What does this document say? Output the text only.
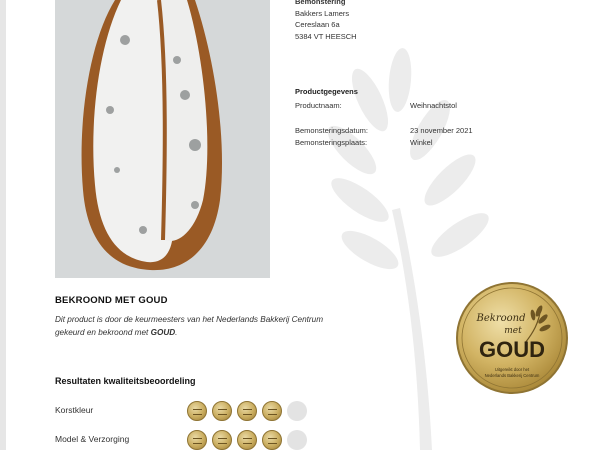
Bemonstering
Bakkers Lamers
Cereslaan 6a
5384 VT HEESCH
Productgegevens
Productnaam:	Weihnachtstol
Bemonsteringsdatum:	23 november 2021
Bemonsteringsplaats:	Winkel
BEKROOND MET GOUD
Dit product is door de keurmeesters van het Nederlands Bakkerij Centrum gekeurd en bekroond met GOUD.
Resultaten kwaliteitsbeoordeling
Korstkleur
Model & Verzorging
Bekroond
met
GOUD
Uitgereikt door het
Nederlands Bakkerij Centrum
